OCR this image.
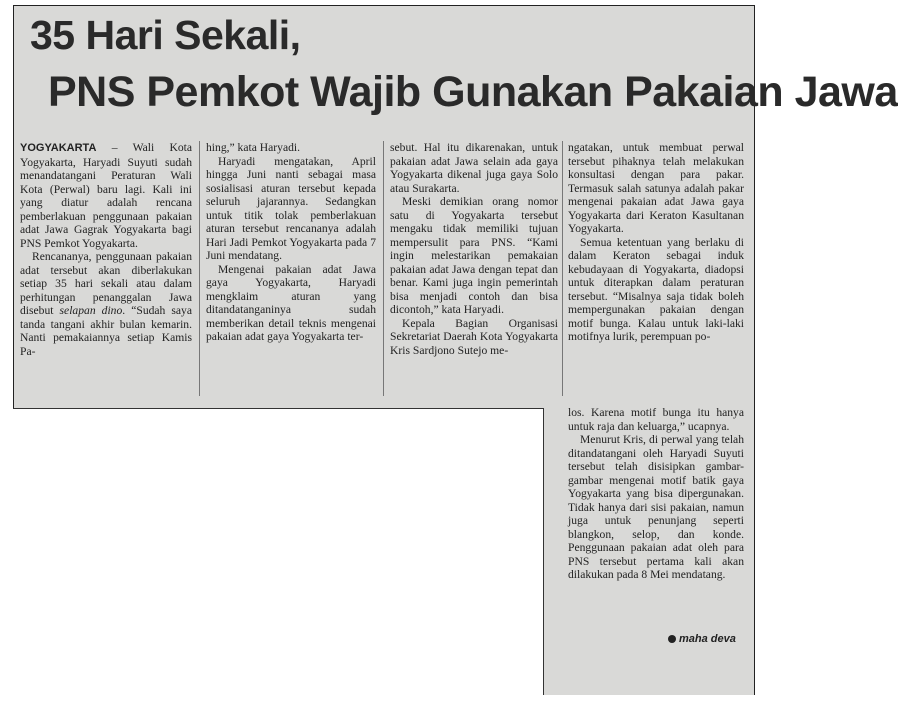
35 Hari Sekali,
PNS Pemkot Wajib Gunakan Pakaian Jawa

YOGYAKARTA – Wali Kota Yogyakarta, Haryadi Suyuti sudah menandatangani Peraturan Wali Kota (Perwal) baru lagi. Kali ini yang diatur adalah rencana pemberlakuan penggunaan pakaian adat Jawa Gagrak Yogyakarta bagi PNS Pemkot Yogyakarta.

Rencananya, penggunaan pakaian adat tersebut akan diberlakukan setiap 35 hari sekali atau dalam perhitungan penanggalan Jawa disebut selapan dino. “Sudah saya tanda tangani akhir bulan kemarin. Nanti pemakaiannya setiap Kamis Pa-

hing,” kata Haryadi.

Haryadi mengatakan, April hingga Juni nanti sebagai masa sosialisasi aturan tersebut kepada seluruh jajarannya. Sedangkan untuk titik tolak pemberlakuan aturan tersebut rencananya adalah Hari Jadi Pemkot Yogyakarta pada 7 Juni mendatang.

Mengenai pakaian adat Jawa gaya Yogyakarta, Haryadi mengklaim aturan yang ditandatanganinya sudah memberikan detail teknis mengenai pakaian adat gaya Yogyakarta ter-

sebut. Hal itu dikarenakan, untuk pakaian adat Jawa selain ada gaya Yogyakarta dikenal juga gaya Solo atau Surakarta.

Meski demikian orang nomor satu di Yogyakarta tersebut mengaku tidak memiliki tujuan mempersulit para PNS. “Kami ingin melestarikan pemakaian pakaian adat Jawa dengan tepat dan benar. Kami juga ingin pemerintah bisa menjadi contoh dan bisa dicontoh,” kata Haryadi.

Kepala Bagian Organisasi Sekretariat Daerah Kota Yogyakarta Kris Sardjono Sutejo me-

ngatakan, untuk membuat perwal tersebut pihaknya telah melakukan konsultasi dengan para pakar. Termasuk salah satunya adalah pakar mengenai pakaian adat Jawa gaya Yogyakarta dari Keraton Kasultanan Yogyakarta.

Semua ketentuan yang berlaku di dalam Keraton sebagai induk kebudayaan di Yogyakarta, diadopsi untuk diterapkan dalam peraturan tersebut. “Misalnya saja tidak boleh mempergunakan pakaian dengan motif bunga. Kalau untuk laki-laki motifnya lurik, perempuan po-

los. Karena motif bunga itu hanya untuk raja dan keluarga,” ucapnya.

Menurut Kris, di perwal yang telah ditandatangani oleh Haryadi Suyuti tersebut telah disisipkan gambar-gambar mengenai motif batik gaya Yogyakarta yang bisa dipergunakan. Tidak hanya dari sisi pakaian, namun juga untuk penunjang seperti blangkon, selop, dan konde. Penggunaan pakaian adat oleh para PNS tersebut pertama kali akan dilakukan pada 8 Mei mendatang.

maha deva
